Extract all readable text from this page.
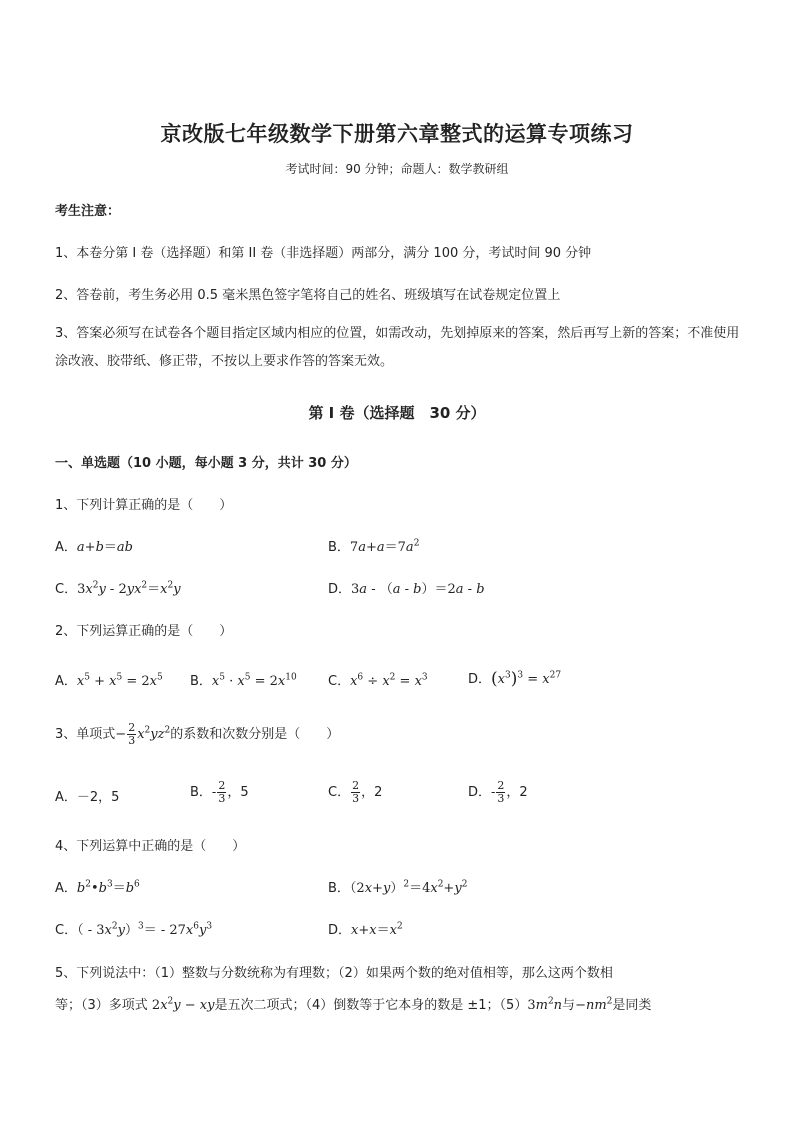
京改版七年级数学下册第六章整式的运算专项练习
考试时间：90 分钟；命题人：数学教研组
考生注意：
1、本卷分第 I 卷（选择题）和第 II 卷（非选择题）两部分，满分 100 分，考试时间 90 分钟
2、答卷前，考生务必用 0.5 毫米黑色签字笔将自己的姓名、班级填写在试卷规定位置上
3、答案必须写在试卷各个题目指定区域内相应的位置，如需改动，先划掉原来的答案，然后再写上新的答案；不准使用涂改液、胶带纸、修正带，不按以上要求作答的答案无效。
第 I 卷（选择题　30 分）
一、单选题（10 小题，每小题 3 分，共计 30 分）
1、下列计算正确的是（　　）
A．a+b＝ab	B．$7a+a=7a^2$
C．$3x^2y - 2yx^2=x^2y$	D．3a - （a - b）＝2a - b
2、下列运算正确的是（　　）
A．$x^5 + x^5 = 2x^5$ B．$x^5 \cdot x^5 = 2x^{10}$ C．$x^6 \div x^2 = x^3$	D．$(x^3)^3 = x^{27}$
3、单项式− $\frac{2}{3} x^2yz^2$的系数和次数分别是（　　）
A．－2，5	B．- $\frac{2}{3}$ ，5	C． $\frac{2}{3}$ ，2	D．- $\frac{2}{3}$ ，2
4、下列运算中正确的是（　　）
A．$b^2•b^3=b^6$	B．$(2x+y)^2=4x^2+y^2$
C．（ - $3x^2y)^3= - 27x^6y^3$	D．$x+x=x^2$
5、下列说法中：（1）整数与分数统称为有理数；（2）如果两个数的绝对值相等，那么这两个数相
等；（3）多项式 $2x^2y$ − xy是五次二项式；（4）倒数等于它本身的数是 ±1；$(5)3m^2n$与$-nm^2$是同类
